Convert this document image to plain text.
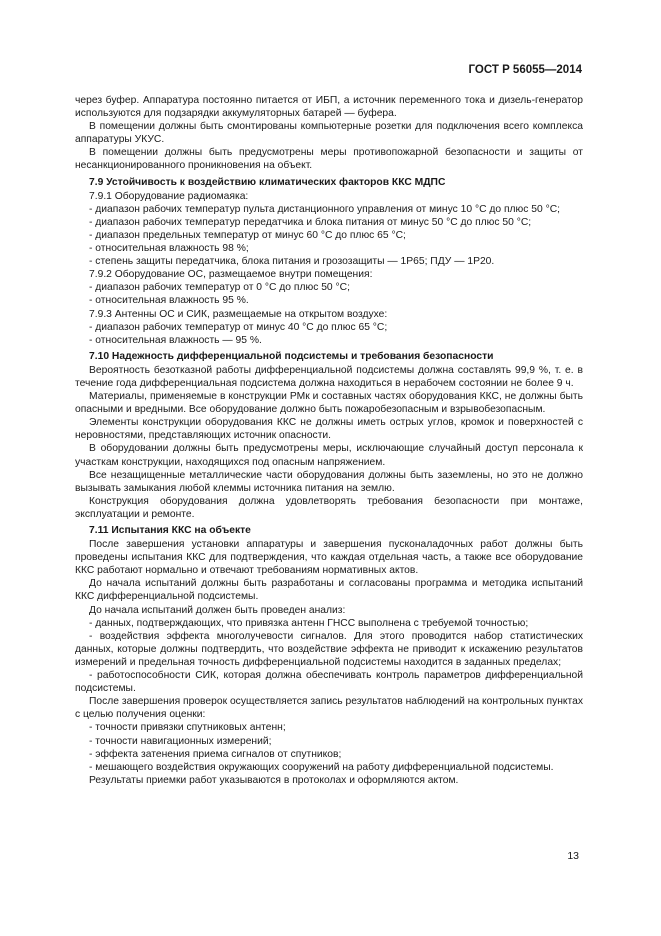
ГОСТ Р 56055—2014
через буфер. Аппаратура постоянно питается от ИБП, а источник переменного тока и дизель-генератор используются для подзарядки аккумуляторных батарей — буфера.
В помещении должны быть смонтированы компьютерные розетки для подключения всего комплекса аппаратуры УКУС.
В помещении должны быть предусмотрены меры противопожарной безопасности и защиты от несанкционированного проникновения на объект.
7.9 Устойчивость к воздействию климатических факторов ККС МДПС
7.9.1 Оборудование радиомаяка:
- диапазон рабочих температур пульта дистанционного управления от минус 10 °С до плюс 50 °С;
- диапазон рабочих температур передатчика и блока питания от минус 50 °С до плюс 50 °С;
- диапазон предельных температур от минус 60 °С до плюс 65 °С;
- относительная влажность 98 %;
- степень защиты передатчика, блока питания и грозозащиты — 1Р65; ПДУ — 1Р20.
7.9.2 Оборудование ОС, размещаемое внутри помещения:
- диапазон рабочих температур от 0 °С до плюс 50 °С;
- относительная влажность 95 %.
7.9.3 Антенны ОС и СИК, размещаемые на открытом воздухе:
- диапазон рабочих температур от минус 40 °С до плюс 65 °С;
- относительная влажность — 95 %.
7.10 Надежность дифференциальной подсистемы и требования безопасности
Вероятность безотказной работы дифференциальной подсистемы должна составлять 99,9 %, т. е. в течение года дифференциальная подсистема должна находиться в нерабочем состоянии не более 9 ч.
Материалы, применяемые в конструкции РМк и составных частях оборудования ККС, не должны быть опасными и вредными. Все оборудование должно быть пожаробезопасным и взрывобезопасным.
Элементы конструкции оборудования ККС не должны иметь острых углов, кромок и поверхностей с неровностями, представляющих источник опасности.
В оборудовании должны быть предусмотрены меры, исключающие случайный доступ персонала к участкам конструкции, находящихся под опасным напряжением.
Все незащищенные металлические части оборудования должны быть заземлены, но это не должно вызывать замыкания любой клеммы источника питания на землю.
Конструкция оборудования должна удовлетворять требования безопасности при монтаже, эксплуатации и ремонте.
7.11 Испытания ККС на объекте
После завершения установки аппаратуры и завершения пусконаладочных работ должны быть проведены испытания ККС для подтверждения, что каждая отдельная часть, а также все оборудование ККС работают нормально и отвечают требованиям нормативных актов.
До начала испытаний должны быть разработаны и согласованы программа и методика испытаний ККС дифференциальной подсистемы.
До начала испытаний должен быть проведен анализ:
- данных, подтверждающих, что привязка антенн ГНСС выполнена с требуемой точностью;
- воздействия эффекта многолучевости сигналов. Для этого проводится набор статистических данных, которые должны подтвердить, что воздействие эффекта не приводит к искажению результатов измерений и предельная точность дифференциальной подсистемы находится в заданных пределах;
- работоспособности СИК, которая должна обеспечивать контроль параметров дифференциальной подсистемы.
После завершения проверок осуществляется запись результатов наблюдений на контрольных пунктах с целью получения оценки:
- точности привязки спутниковых антенн;
- точности навигационных измерений;
- эффекта затенения приема сигналов от спутников;
- мешающего воздействия окружающих сооружений на работу дифференциальной подсистемы.
Результаты приемки работ указываются в протоколах и оформляются актом.
13
